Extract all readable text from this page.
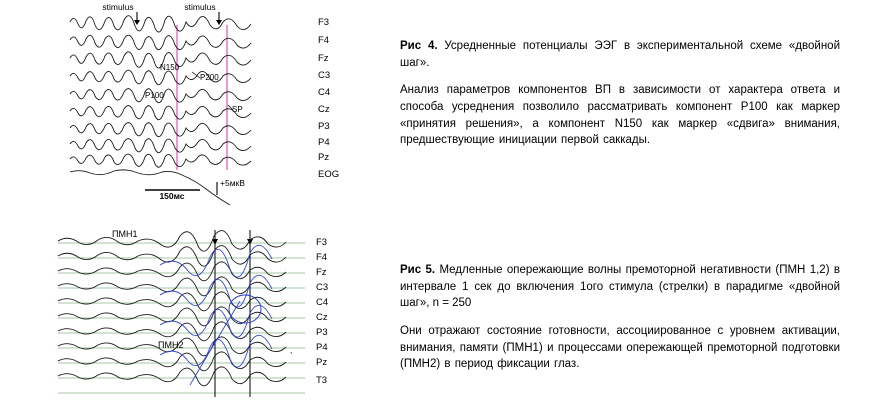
stimulus	stimulus
F3
F4
Fz
C3
C4
Cz
P3
P4
Pz
EOG
N150
P200
P100
SP
150мс
+5мкВ
ПМН1
ПМН2
F3
F4
Fz
C3
C4
Cz
P3
P4
Pz
T3
,

Рис 4. Усредненные потенциалы ЭЭГ в экспериментальной схеме «двойной шаг».

Анализ параметров компонентов ВП в зависимости от характера ответа и способа усреднения позволило рассматривать компонент Р100 как маркер «принятия решения», а компонент N150 как маркер «сдвига» внимания, предшествующие инициации первой саккады.

Рис 5. Медленные опережающие волны премоторной негативности (ПМН 1,2) в интервале 1 сек до включения 1ого стимула (стрелки) в парадигме «двойной шаг», n = 250

Они отражают состояние готовности, ассоциированное с уровнем активации, внимания, памяти (ПМН1) и процессами опережающей премоторной подготовки (ПМН2) в период фиксации глаз.
